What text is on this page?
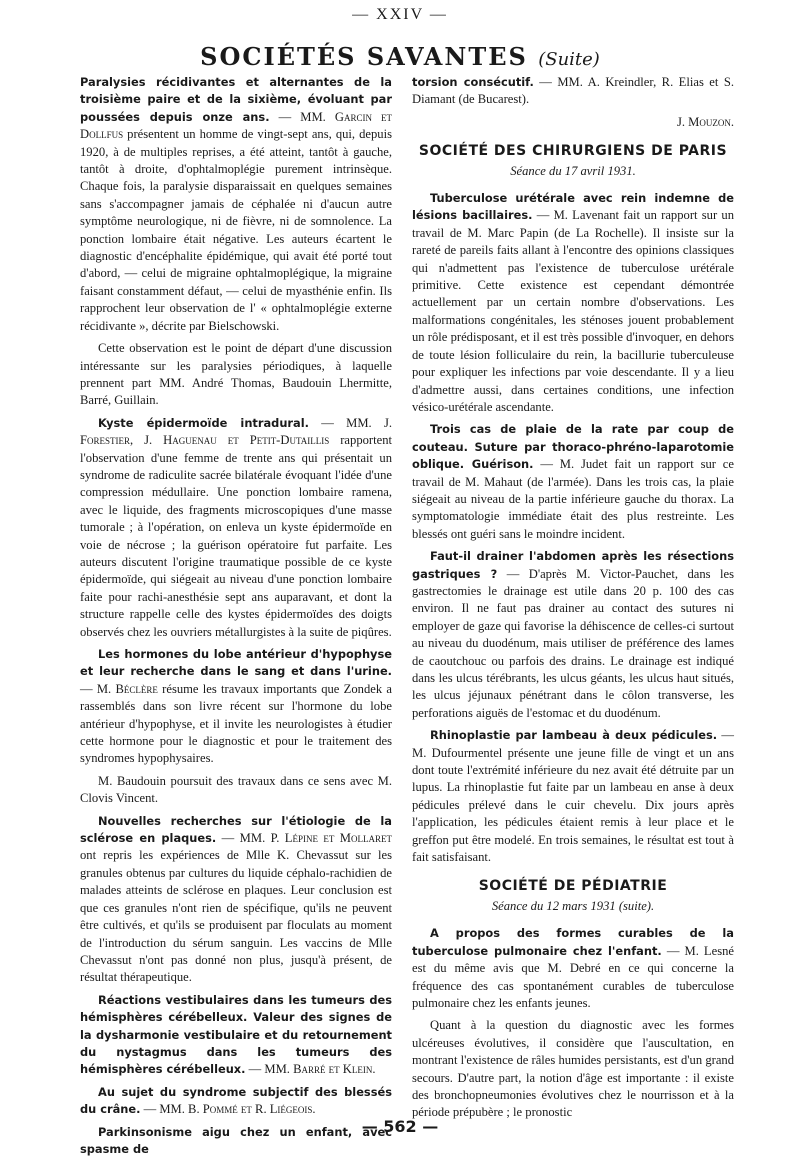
— XXIV —
SOCIÉTÉS SAVANTES (Suite)

Paralysies récidivantes et alternantes de la troisième paire et de la sixième, évoluant par poussées depuis onze ans. — MM. Garcin et Dollfus présentent un homme de vingt-sept ans, qui, depuis 1920, à de multiples reprises, a été atteint, tantôt à gauche, tantôt à droite, d'ophtalmoplégie purement intrinsèque. Chaque fois, la paralysie disparaissait en quelques semaines sans s'accompagner jamais de céphalée ni d'aucun autre symptôme neurologique, ni de fièvre, ni de somnolence. La ponction lombaire était négative. Les auteurs écartent le diagnostic d'encéphalite épidémique, qui avait été porté tout d'abord, — celui de migraine ophtalmoplégique, la migraine faisant constamment défaut, — celui de myasthénie enfin. Ils rapprochent leur observation de l' « ophtalmoplégie externe récidivante », décrite par Bielschowski.

Cette observation est le point de départ d'une discussion intéressante sur les paralysies périodiques, à laquelle prennent part MM. André Thomas, Baudouin Lhermitte, Barré, Guillain.

Kyste épidermoïde intradural. — MM. J. Forestier, J. Haguenau et Petit-Dutaillis rapportent l'observation d'une femme de trente ans qui présentait un syndrome de radiculite sacrée bilatérale évoquant l'idée d'une compression médullaire. Une ponction lombaire ramena, avec le liquide, des fragments microscopiques d'une masse tumorale ; à l'opération, on enleva un kyste épidermoïde en voie de nécrose ; la guérison opératoire fut parfaite. Les auteurs discutent l'origine traumatique possible de ce kyste épidermoïde, qui siégeait au niveau d'une ponction lombaire faite pour rachi-anesthésie sept ans auparavant, et dont la structure rappelle celle des kystes épidermoïdes des doigts observés chez les ouvriers métallurgistes à la suite de piqûres.

Les hormones du lobe antérieur d'hypophyse et leur recherche dans le sang et dans l'urine. — M. Béclère résume les travaux importants que Zondek a rassemblés dans son livre récent sur l'hormone du lobe antérieur d'hypophyse, et il invite les neurologistes à étudier cette hormone pour le diagnostic et pour le traitement des syndromes hypophysaires.

M. Baudouin poursuit des travaux dans ce sens avec M. Clovis Vincent.

Nouvelles recherches sur l'étiologie de la sclérose en plaques. — MM. P. Lépine et Mollaret ont repris les expériences de Mlle K. Chevassut sur les granules obtenus par cultures du liquide céphalo-rachidien de malades atteints de sclérose en plaques. Leur conclusion est que ces granules n'ont rien de spécifique, qu'ils ne peuvent être cultivés, et qu'ils se produisent par floculats au moment de l'introduction du sérum sanguin. Les vaccins de Mlle Chevassut n'ont pas donné non plus, jusqu'à présent, de résultat thérapeutique.

Réactions vestibulaires dans les tumeurs des hémisphères cérébelleux. Valeur des signes de la dysharmonie vestibulaire et du retournement du nystagmus dans les tumeurs des hémisphères cérébelleux. — MM. Barré et Klein.

Au sujet du syndrome subjectif des blessés du crâne. — MM. B. Pommé et R. Liégeois.

Parkinsonisme aigu chez un enfant, avec spasme de

torsion consécutif. — MM. A. Kreindler, R. Elias et S. Diamant (de Bucarest).

J. Mouzon.
SOCIÉTÉ DES CHIRURGIENS DE PARIS
Séance du 17 avril 1931.

Tuberculose urétérale avec rein indemne de lésions bacillaires. — M. Lavenant fait un rapport sur un travail de M. Marc Papin (de La Rochelle). Il insiste sur la rareté de pareils faits allant à l'encontre des opinions classiques qui n'admettent pas l'existence de tuberculose urétérale primitive. Cette existence est cependant démontrée actuellement par un certain nombre d'observations. Les malformations congénitales, les sténoses jouent probablement un rôle prédisposant, et il est très possible d'invoquer, en dehors de toute lésion folliculaire du rein, la bacillurie tuberculeuse pour expliquer les infections par voie descendante. Il y a lieu d'admettre aussi, dans certaines conditions, une infection vésico-urétérale ascendante.

Trois cas de plaie de la rate par coup de couteau. Suture par thoraco-phréno-laparotomie oblique. Guérison. — M. Judet fait un rapport sur ce travail de M. Mahaut (de l'armée). Dans les trois cas, la plaie siégeait au niveau de la partie inférieure gauche du thorax. La symptomatologie immédiate était des plus restreinte. Les blessés ont guéri sans le moindre incident.

Faut-il drainer l'abdomen après les résections gastriques ? — D'après M. Victor-Pauchet, dans les gastrectomies le drainage est utile dans 20 p. 100 des cas environ. Il ne faut pas drainer au contact des sutures ni employer de gaze qui favorise la déhiscence de celles-ci surtout au niveau du duodénum, mais utiliser de préférence des lames de caoutchouc ou parfois des drains. Le drainage est indiqué dans les ulcus térébrants, les ulcus géants, les ulcus haut situés, les ulcus jéjunaux pénétrant dans le côlon transverse, les perforations aiguës de l'estomac et du duodénum.

Rhinoplastie par lambeau à deux pédicules. — M. Dufourmentel présente une jeune fille de vingt et un ans dont toute l'extrémité inférieure du nez avait été détruite par un lupus. La rhinoplastie fut faite par un lambeau en anse à deux pédicules prélevé dans le cuir chevelu. Dix jours après l'application, les pédicules étaient remis à leur place et le greffon put être modelé. En trois semaines, le résultat est tout à fait satisfaisant.

SOCIÉTÉ DE PÉDIATRIE
Séance du 12 mars 1931 (suite).

A propos des formes curables de la tuberculose pulmonaire chez l'enfant. — M. Lesné est du même avis que M. Debré en ce qui concerne la fréquence des cas spontanément curables de tuberculose pulmonaire chez les enfants jeunes.

Quant à la question du diagnostic avec les formes ulcéreuses évolutives, il considère que l'auscultation, en montrant l'existence de râles humides persistants, est d'un grand secours. D'autre part, la notion d'âge est importante : il existe des bronchopneumonies évolutives chez le nourrisson et à la période prépubère ; le pronostic

— 562 —
